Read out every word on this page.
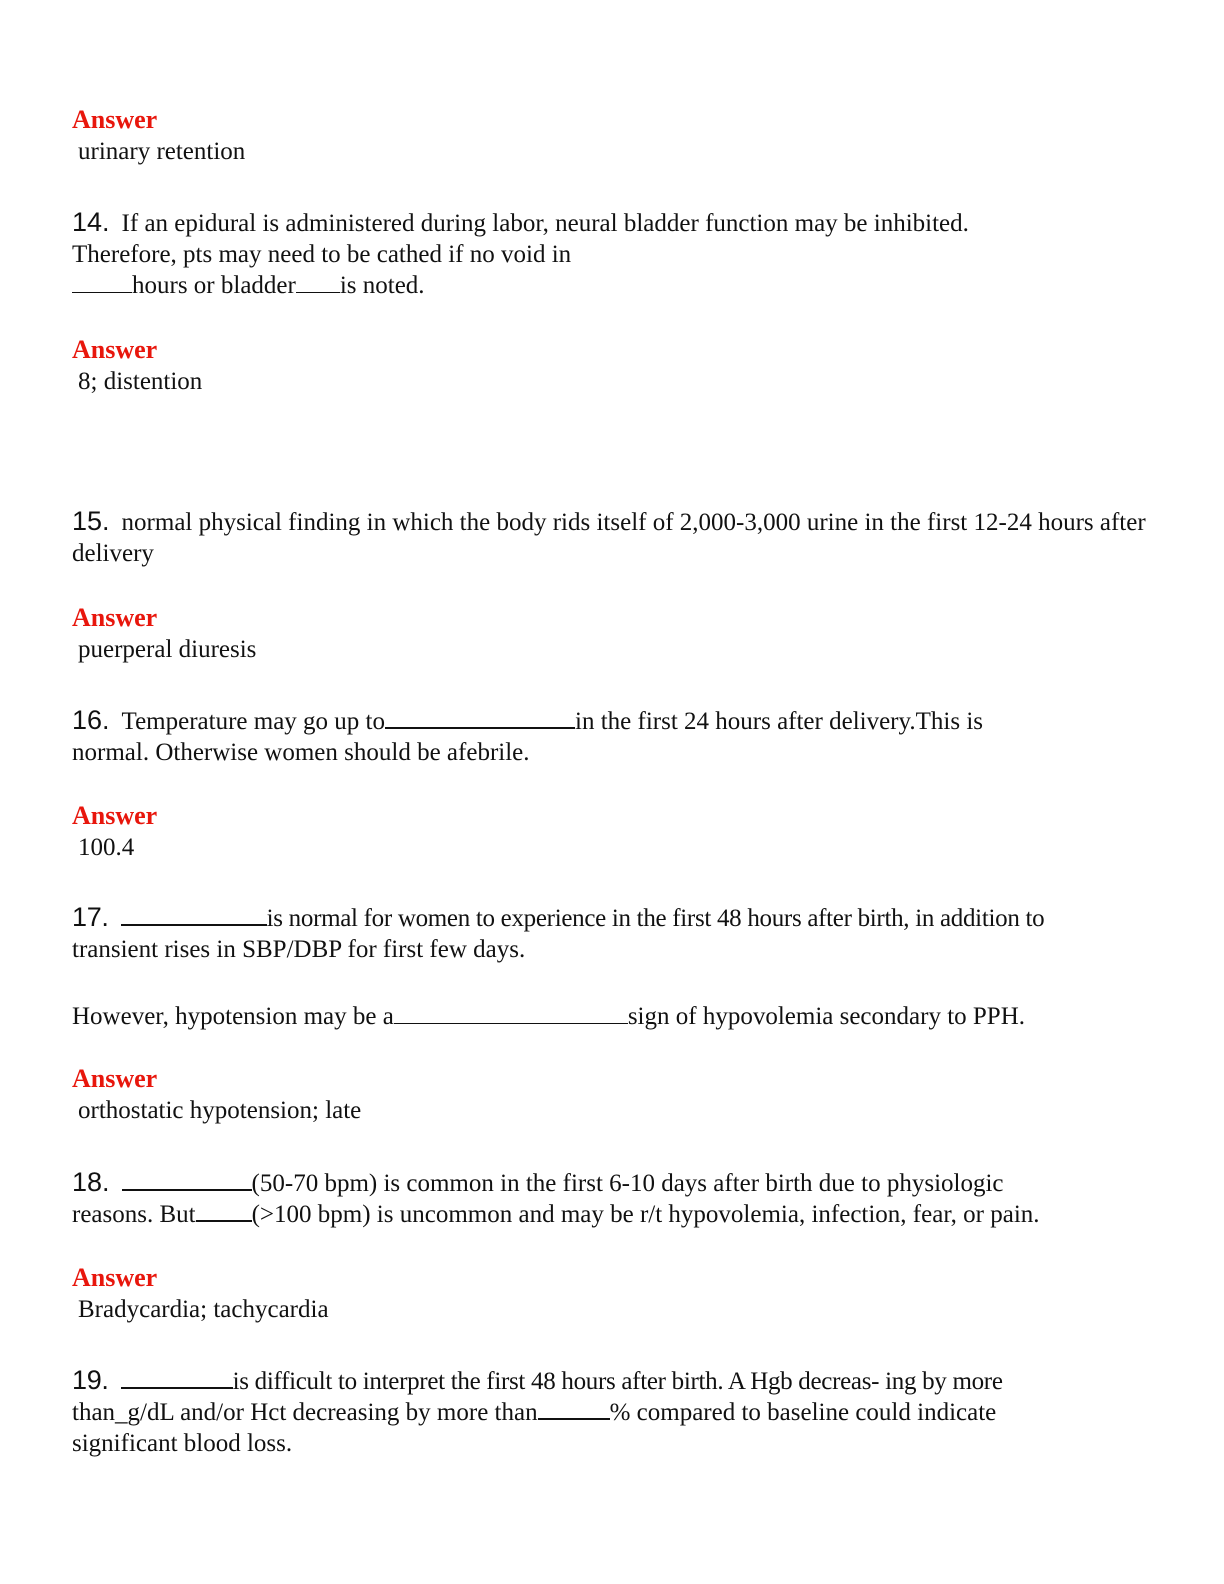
Answer

urinary retention

14. If an epidural is administered during labor, neural bladder function may be inhibited.

Therefore, pts may need to be cathed if no void in

hours or bladder is noted.

Answer

8; distention

15. normal physical finding in which the body rids itself of 2,000-3,000 urine in the first 12-24 hours after delivery

Answer

puerperal diuresis

16. Temperature may go up to	in the first 24 hours after delivery.This is

normal. Otherwise women should be afebrile.

Answer

100.4

17.	is normal for women to experience in the first 48 hours after birth, in addition to

transient rises in SBP/DBP for first few days.

However, hypotension may be a	sign of hypovolemia secondary to PPH.

Answer

orthostatic hypotension; late

18.	(50-70 bpm) is common in the first 6-10 days after birth due to physiologic

reasons. But (>100 bpm) is uncommon and may be r/t hypovolemia, infection, fear, or pain.

Answer

Bradycardia; tachycardia

19.	is difficult to interpret the first 48 hours after birth. A Hgb decreas- ing by more

than_g/dL and/or Hct decreasing by more than	% compared to baseline could indicate

significant blood loss.
